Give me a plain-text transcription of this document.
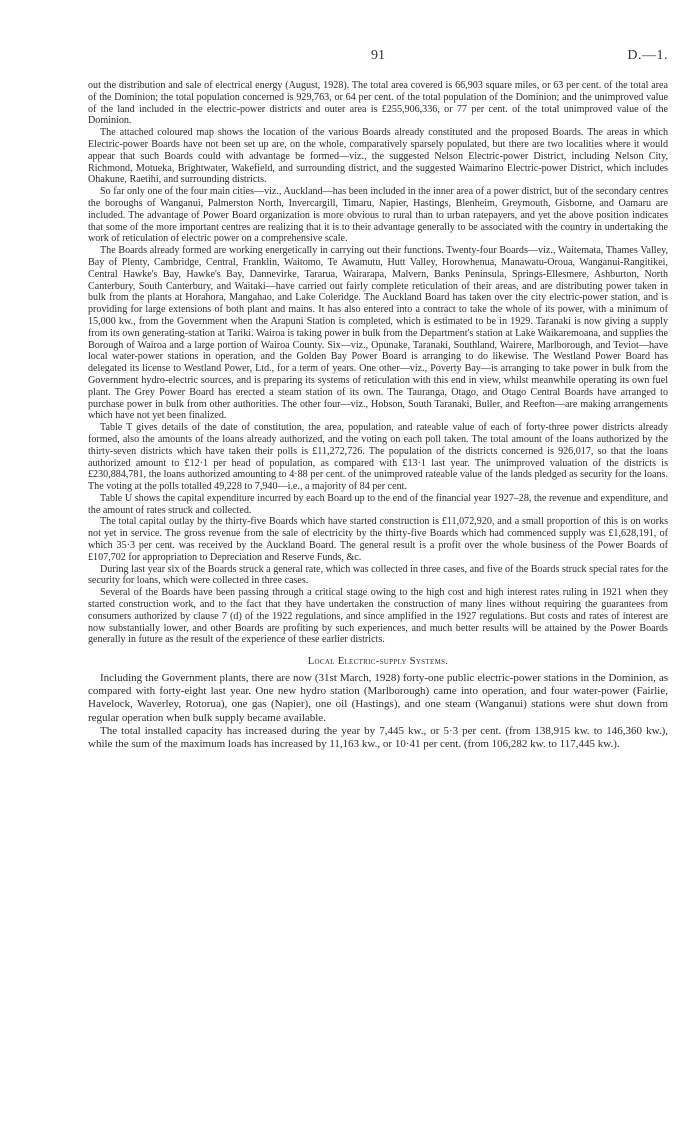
91	D.—1.

out the distribution and sale of electrical energy (August, 1928). The total area covered is 66,903 square miles, or 63 per cent. of the total area of the Dominion; the total population concerned is 929,763, or 64 per cent. of the total population of the Dominion; and the unimproved value of the land included in the electric-power districts and outer area is £255,906,336, or 77 per cent. of the total unimproved value of the Dominion.

The attached coloured map shows the location of the various Boards already constituted and the proposed Boards. The areas in which Electric-power Boards have not been set up are, on the whole, comparatively sparsely populated, but there are two localities where it would appear that such Boards could with advantage be formed—viz., the suggested Nelson Electric-power District, including Nelson City, Richmond, Motueka, Brightwater, Wakefield, and surrounding district, and the suggested Waimarino Electric-power District, which includes Ohakune, Raetihi, and surrounding districts.

So far only one of the four main cities—viz., Auckland—has been included in the inner area of a power district, but of the secondary centres the boroughs of Wanganui, Palmerston North, Invercargill, Timaru, Napier, Hastings, Blenheim, Greymouth, Gisborne, and Oamaru are included. The advantage of Power Board organization is more obvious to rural than to urban ratepayers, and yet the above position indicates that some of the more important centres are realizing that it is to their advantage generally to be associated with the country in undertaking the work of reticulation of electric power on a comprehensive scale.

The Boards already formed are working energetically in carrying out their functions. Twenty-four Boards—viz., Waitemata, Thames Valley, Bay of Plenty, Cambridge, Central, Franklin, Waitomo, Te Awamutu, Hutt Valley, Horowhenua, Manawatu-Oroua, Wanganui-Rangitikei, Central Hawke's Bay, Hawke's Bay, Dannevirke, Tararua, Wairarapa, Malvern, Banks Peninsula, Springs-Ellesmere, Ashburton, North Canterbury, South Canterbury, and Waitaki—have carried out fairly complete reticulation of their areas, and are distributing power taken in bulk from the plants at Horahora, Mangahao, and Lake Coleridge. The Auckland Board has taken over the city electric-power station, and is providing for large extensions of both plant and mains. It has also entered into a contract to take the whole of its power, with a minimum of 15,000 kw., from the Government when the Arapuni Station is completed, which is estimated to be in 1929. Taranaki is now giving a supply from its own generating-station at Tariki. Wairoa is taking power in bulk from the Department's station at Lake Waikaremoana, and supplies the Borough of Wairoa and a large portion of Wairoa County. Six—viz., Opunake, Taranaki, Southland, Wairere, Marlborough, and Teviot—have local water-power stations in operation, and the Golden Bay Power Board is arranging to do likewise. The Westland Power Board has delegated its license to Westland Power, Ltd., for a term of years. One other—viz., Poverty Bay—is arranging to take power in bulk from the Government hydro-electric sources, and is preparing its systems of reticulation with this end in view, whilst meanwhile operating its own fuel plant. The Grey Power Board has erected a steam station of its own. The Tauranga, Otago, and Otago Central Boards have arranged to purchase power in bulk from other authorities. The other four—viz., Hobson, South Taranaki, Buller, and Reefton—are making arrangements which have not yet been finalized.

Table T gives details of the date of constitution, the area, population, and rateable value of each of forty-three power districts already formed, also the amounts of the loans already authorized, and the voting on each poll taken. The total amount of the loans authorized by the thirty-seven districts which have taken their polls is £11,272,726. The population of the districts concerned is 926,017, so that the loans authorized amount to £12·1 per head of population, as compared with £13·1 last year. The unimproved valuation of the districts is £230,884,781, the loans authorized amounting to 4·88 per cent. of the unimproved rateable value of the lands pledged as security for the loans. The voting at the polls totalled 49,228 to 7,940—i.e., a majority of 84 per cent.

Table U shows the capital expenditure incurred by each Board up to the end of the financial year 1927–28, the revenue and expenditure, and the amount of rates struck and collected.

The total capital outlay by the thirty-five Boards which have started construction is £11,072,920, and a small proportion of this is on works not yet in service. The gross revenue from the sale of electricity by the thirty-five Boards which had commenced supply was £1,628,191, of which 35·3 per cent. was received by the Auckland Board. The general result is a profit over the whole business of the Power Boards of £107,702 for appropriation to Depreciation and Reserve Funds, &c.

During last year six of the Boards struck a general rate, which was collected in three cases, and five of the Boards struck special rates for the security for loans, which were collected in three cases.

Several of the Boards have been passing through a critical stage owing to the high cost and high interest rates ruling in 1921 when they started construction work, and to the fact that they have undertaken the construction of many lines without requiring the guarantees from consumers authorized by clause 7 (d) of the 1922 regulations, and since amplified in the 1927 regulations. But costs and rates of interest are now substantially lower, and other Boards are profiting by such experiences, and much better results will be attained by the Power Boards generally in future as the result of the experience of these earlier districts.

Local Electric-supply Systems.

Including the Government plants, there are now (31st March, 1928) forty-one public electric-power stations in the Dominion, as compared with forty-eight last year. One new hydro station (Marlborough) came into operation, and four water-power (Fairlie, Havelock, Waverley, Rotorua), one gas (Napier), one oil (Hastings), and one steam (Wanganui) stations were shut down from regular operation when bulk supply became available.

The total installed capacity has increased during the year by 7,445 kw., or 5·3 per cent. (from 138,915 kw. to 146,360 kw.), while the sum of the maximum loads has increased by 11,163 kw., or 10·41 per cent. (from 106,282 kw. to 117,445 kw.).
